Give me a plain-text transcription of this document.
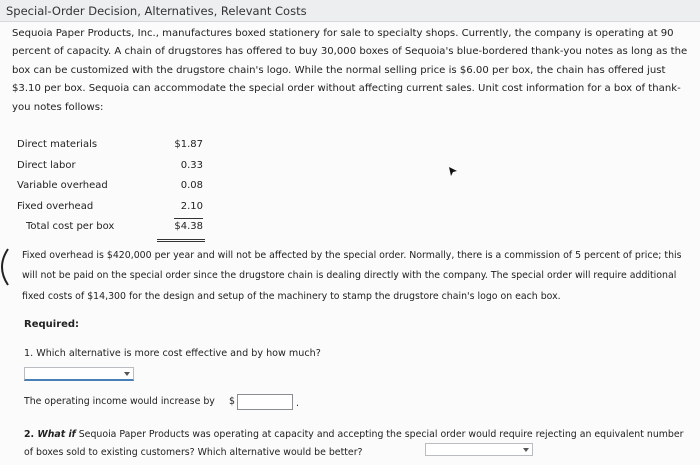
Special-Order Decision, Alternatives, Relevant Costs
Sequoia Paper Products, Inc., manufactures boxed stationery for sale to specialty shops. Currently, the company is operating at 90 percent of capacity. A chain of drugstores has offered to buy 30,000 boxes of Sequoia's blue-bordered thank-you notes as long as the box can be customized with the drugstore chain's logo. While the normal selling price is $6.00 per box, the chain has offered just $3.10 per box. Sequoia can accommodate the special order without affecting current sales. Unit cost information for a box of thank-you notes follows:
Direct materials	$1.87
Direct labor	0.33
Variable overhead	0.08
Fixed overhead	2.10
Total cost per box	$4.38
Fixed overhead is $420,000 per year and will not be affected by the special order. Normally, there is a commission of 5 percent of price; this will not be paid on the special order since the drugstore chain is dealing directly with the company. The special order will require additional fixed costs of $14,300 for the design and setup of the machinery to stamp the drugstore chain's logo on each box.
Required:
1. Which alternative is more cost effective and by how much?
The operating income would increase by $	.
2. What if Sequoia Paper Products was operating at capacity and accepting the special order would require rejecting an equivalent number of boxes sold to existing customers? Which alternative would be better?
